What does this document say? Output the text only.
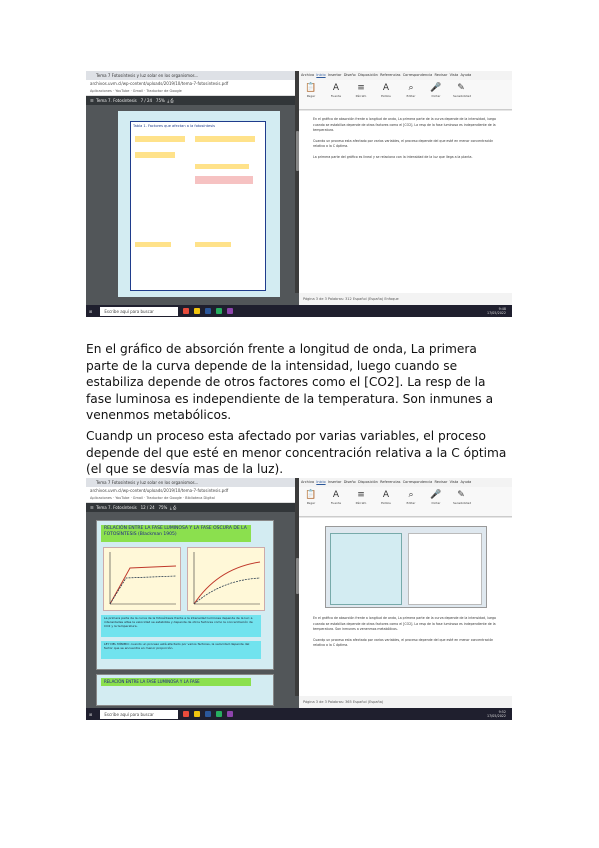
Tema 7 Fotosíntesis y luz solar en los organismos...
archivos.uvm.cl/wp-content/uploads/2019/10/tema-7-fotosintesis.pdf
Aplicaciones · YouTube · Gmail · Traductor de Google
☰ Tema 7. Fotosíntesis 7 / 24 75% ⤓ ⎙
Tabla 1. Factores que afectan a la fotosíntesis
Archivo Inicio Insertar Diseño Disposición Referencias Correspondencia Revisar Vista Ayuda
📋
Pegar
A
Fuente
≡
Párrafo
A
Estilos
⌕
Editar
🎤
Dictar
✎
Sensibilidad

En el gráfico de absorción frente a longitud de onda, La primera parte de la curva depende de la intensidad, luego cuando se estabiliza depende de otros factores como el [CO2]. La resp de la fase luminosa es independiente de la temperatura.

Cuando un proceso esta afectado por varias variables, el proceso depende del que esté en menor concentración relativa a la C óptima.

La primera parte del gráfico es lineal y se relaciona con la intensidad de la luz que llega a la planta.

Página 3 de 3 Palabras: 312 Español (España) Enfoque
⊞	Escribe aquí para buscar	9:48
17/05/2022

En el gráfico de absorción frente a longitud de onda, La primera parte de la curva depende de la intensidad, luego cuando se estabiliza depende de otros factores como el [CO2]. La resp de la fase luminosa es independiente de la temperatura. Son inmunes a venenmos metabólicos.

Cuandp un proceso esta afectado por varias variables, el proceso depende del que esté en menor concentración relativa a la C óptima (el que se desvía mas de la luz).

Tema 7 Fotosíntesis y luz solar en los organismos...
archivos.uvm.cl/wp-content/uploads/2019/10/tema-7-fotosintesis.pdf
Aplicaciones · YouTube · Gmail · Traductor de Google · Biblioteca Digital
☰ Tema 7. Fotosíntesis 12 / 24 75% ⤓ ⎙
RELACIÓN ENTRE LA FASE LUMINOSA Y LA FASE OSCURA DE LA FOTOSÍNTESIS (Blackman 1905)
La primera parte de la curva de la fotosíntesis frente a la intensidad luminosa depende de la luz; a intensidades altas la velocidad se estabiliza y depende de otros factores como la concentración de CO2 y la temperatura.
LEY DEL MÍNIMO: cuando un proceso está afectado por varios factores, la velocidad depende del factor que se encuentra en menor proporción.
RELACIÓN ENTRE LA FASE LUMINOSA Y LA FASE
Archivo Inicio Insertar Diseño Disposición Referencias Correspondencia Revisar Vista Ayuda
📋
Pegar
A
Fuente
≡
Párrafo
A
Estilos
⌕
Editar
🎤
Dictar
✎
Sensibilidad

En el gráfico de absorción frente a longitud de onda, La primera parte de la curva depende de la intensidad, luego cuando se estabiliza depende de otros factores como el [CO2]. La resp de la fase luminosa es independiente de la temperatura. Son inmunes a venenmos metabólicos.

Cuandp un proceso esta afectado por varias variables, el proceso depende del que esté en menor concentración relativa a la C óptima.

Página 3 de 3 Palabras: 365 Español (España)
⊞	Escribe aquí para buscar	9:52
17/05/2022
